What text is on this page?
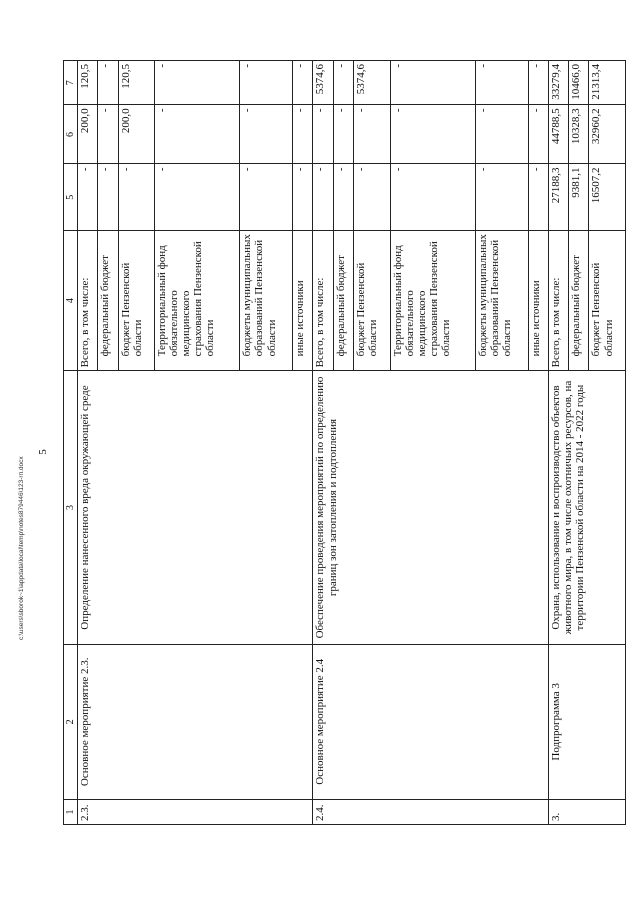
5
c:\users\sborok~1\appdata\local\temp\notes879446\123-rп.docx
1	2	3	4	5	6	7
2.3.	Основное мероприятие 2.3.	Определение нанесенного вреда окружающей среде	Всего, в том числе:	-	200,0	120,5
			федеральный бюджет	-	-	-
			бюджет Пензенской области	-	200,0	120,5
			Территориальный фонд обязательного медицинского страхования Пензенской области	-	-	-
			бюджеты муниципальных образований Пензенской области	-	-	-
			иные источники	-	-	-
2.4.	Основное мероприятие 2.4	Обеспечение проведения мероприятий по определению границ зон затопления и подтопления	Всего, в том числе:	-	-	5374,6
			федеральный бюджет	-	-	-
			бюджет Пензенской области	-	-	5374,6
			Территориальный фонд обязательного медицинского страхования Пензенской области	-	-	-
			бюджеты муниципальных образований Пензенской области	-	-	-
			иные источники	-	-	-
3.	Подпрограмма 3	Охрана, использование и воспроизводство объектов животного мира, в том числе охотничьих ресурсов, на территории Пензенской области на 2014 - 2022 годы	Всего, в том числе:	27188,3	44788,5	33279,4
			федеральный бюджет	9381,1	10328,3	10466,0
			бюджет Пензенской области	16507,2	32960,2	21313,4
